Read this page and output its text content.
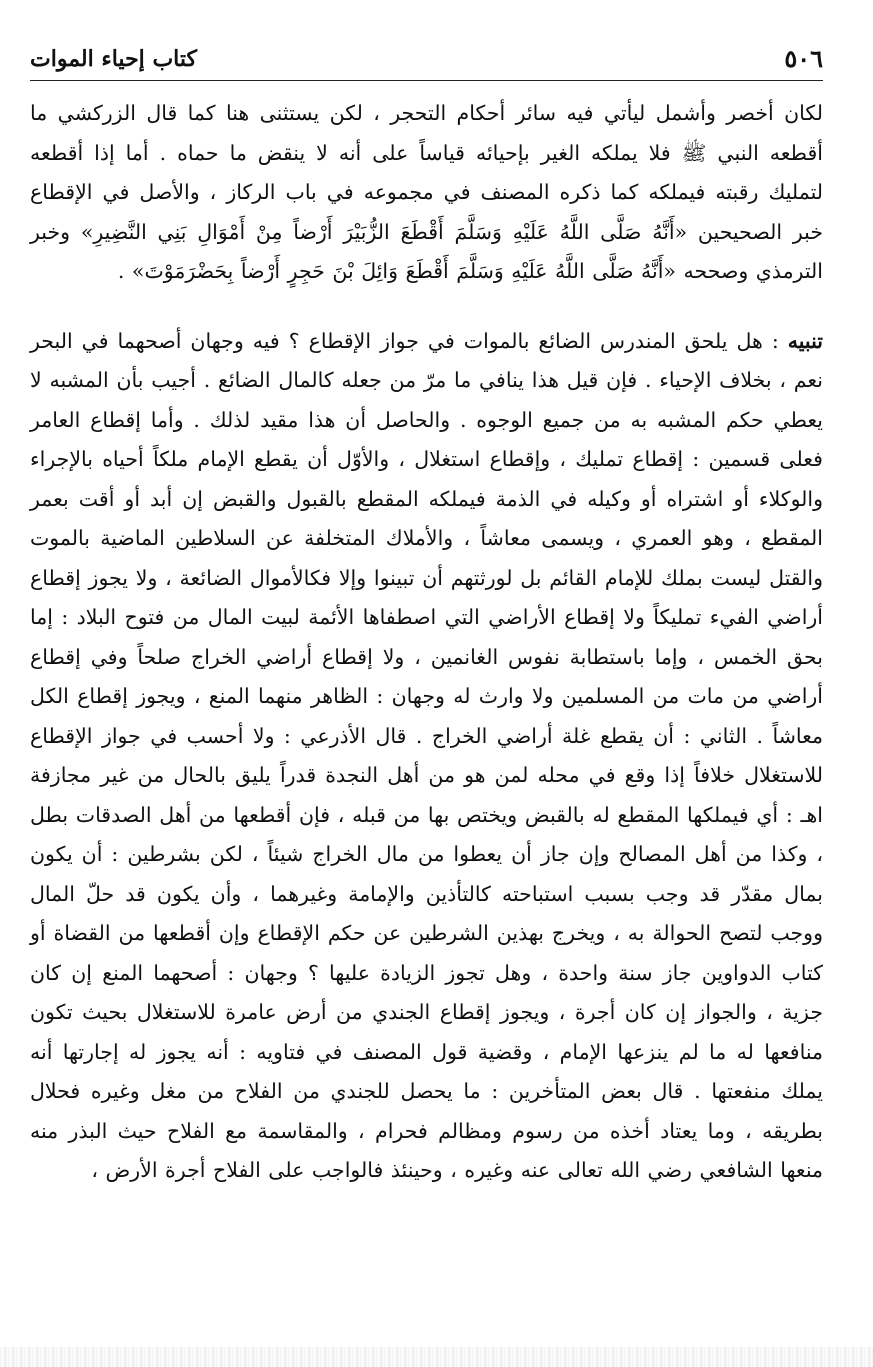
٥٠٦
كتاب إحياء الموات

لكان أخصر وأشمل ليأتي فيه سائر أحكام التحجر ، لكن يستثنى هنا كما قال الزركشي ما أقطعه النبي ﷺ فلا يملكه الغير بإحيائه قياساً على أنه لا ينقض ما حماه . أما إذا أقطعه لتمليك رقبته فيملكه كما ذكره المصنف في مجموعه في باب الركاز ، والأصل في الإقطاع خبر الصحيحين «أَنَّهُ صَلَّى اللَّهُ عَلَيْهِ وَسَلَّمَ أَقْطَعَ الزُّبَيْرَ أَرْضاً مِنْ أَمْوَالِ بَنِي النَّضِيرِ» وخبر الترمذي وصححه «أَنَّهُ صَلَّى اللَّهُ عَلَيْهِ وَسَلَّمَ أَقْطَعَ وَائِلَ بْنَ حَجِرٍ أَرْضاً بِحَضْرَمَوْتَ» .

تنبيه : هل يلحق المندرس الضائع بالموات في جواز الإقطاع ؟ فيه وجهان أصحهما في البحر نعم ، بخلاف الإحياء . فإن قيل هذا ينافي ما مرّ من جعله كالمال الضائع . أجيب بأن المشبه لا يعطي حكم المشبه به من جميع الوجوه . والحاصل أن هذا مقيد لذلك . وأما إقطاع العامر فعلى قسمين : إقطاع تمليك ، وإقطاع استغلال ، والأوّل أن يقطع الإمام ملكاً أحياه بالإجراء والوكلاء أو اشتراه أو وكيله في الذمة فيملكه المقطع بالقبول والقبض إن أبد أو أقت بعمر المقطع ، وهو العمري ، ويسمى معاشاً ، والأملاك المتخلفة عن السلاطين الماضية بالموت والقتل ليست بملك للإمام القائم بل لورثتهم أن تبينوا وإلا فكالأموال الضائعة ، ولا يجوز إقطاع أراضي الفيء تمليكاً ولا إقطاع الأراضي التي اصطفاها الأئمة لبيت المال من فتوح البلاد : إما بحق الخمس ، وإما باستطابة نفوس الغانمين ، ولا إقطاع أراضي الخراج صلحاً وفي إقطاع أراضي من مات من المسلمين ولا وارث له وجهان : الظاهر منهما المنع ، ويجوز إقطاع الكل معاشاً . الثاني : أن يقطع غلة أراضي الخراج . قال الأذرعي : ولا أحسب في جواز الإقطاع للاستغلال خلافاً إذا وقع في محله لمن هو من أهل النجدة قدراً يليق بالحال من غير مجازفة اهـ : أي فيملكها المقطع له بالقبض ويختص بها من قبله ، فإن أقطعها من أهل الصدقات بطل ، وكذا من أهل المصالح وإن جاز أن يعطوا من مال الخراج شيئاً ، لكن بشرطين : أن يكون بمال مقدّر قد وجب بسبب استباحته كالتأذين والإمامة وغيرهما ، وأن يكون قد حلّ المال ووجب لتصح الحوالة به ، ويخرج بهذين الشرطين عن حكم الإقطاع وإن أقطعها من القضاة أو كتاب الدواوين جاز سنة واحدة ، وهل تجوز الزيادة عليها ؟ وجهان : أصحهما المنع إن كان جزية ، والجواز إن كان أجرة ، ويجوز إقطاع الجندي من أرض عامرة للاستغلال بحيث تكون منافعها له ما لم ينزعها الإمام ، وقضية قول المصنف في فتاويه : أنه يجوز له إجارتها أنه يملك منفعتها . قال بعض المتأخرين : ما يحصل للجندي من الفلاح من مغل وغيره فحلال بطريقه ، وما يعتاد أخذه من رسوم ومظالم فحرام ، والمقاسمة مع الفلاح حيث البذر منه منعها الشافعي رضي الله تعالى عنه وغيره ، وحينئذ فالواجب على الفلاح أجرة الأرض ،
